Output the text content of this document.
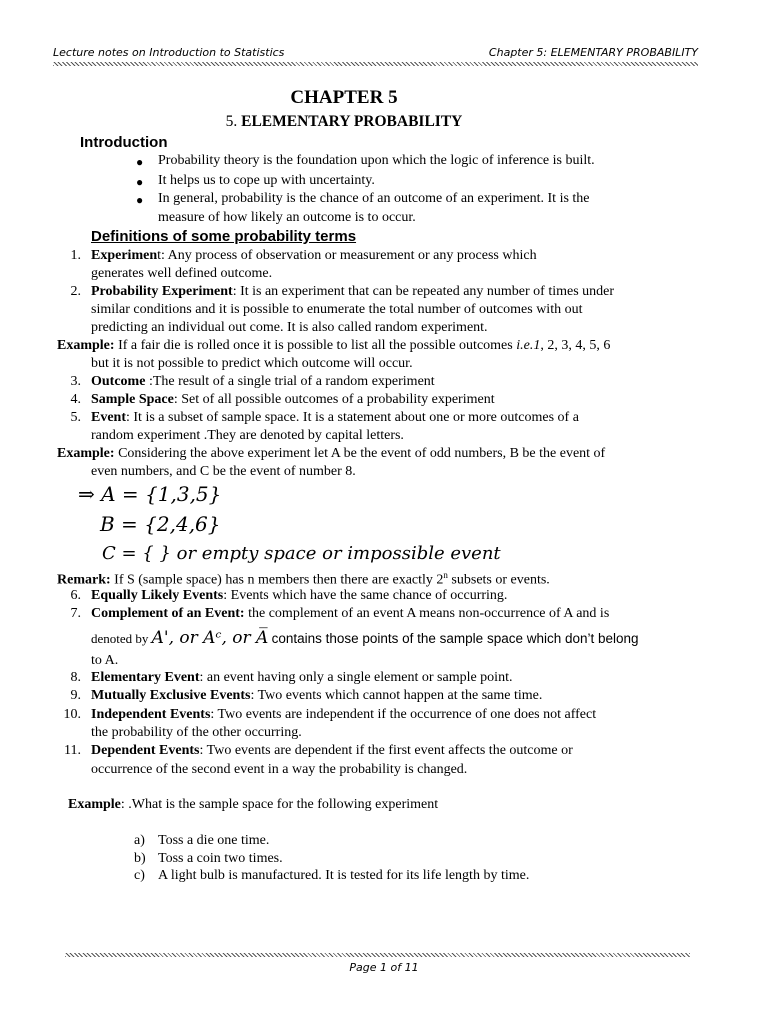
Lecture notes on Introduction to Statistics	Chapter 5: ELEMENTARY PROBABILITY
CHAPTER 5
5. ELEMENTARY PROBABILITY
Introduction
● Probability theory is the foundation upon which the logic of inference is built.
● It helps us to cope up with uncertainty.
● In general, probability is the chance of an outcome of an experiment. It is the
measure of how likely an outcome is to occur.
Definitions of some probability terms
1. Experiment: Any process of observation or measurement or any process which
generates well defined outcome.
2. Probability Experiment: It is an experiment that can be repeated any number of times under
similar conditions and it is possible to enumerate the total number of outcomes with out
predicting an individual out come. It is also called random experiment.
Example: If a fair die is rolled once it is possible to list all the possible outcomes i.e.1, 2, 3, 4, 5, 6
but it is not possible to predict which outcome will occur.
3. Outcome :The result of a single trial of a random experiment
4. Sample Space: Set of all possible outcomes of a probability experiment
5. Event: It is a subset of sample space. It is a statement about one or more outcomes of a
random experiment .They are denoted by capital letters.
Example: Considering the above experiment let A be the event of odd numbers, B be the event of
even numbers, and C be the event of number 8.
⇒ A = {1,3,5}
B = {2,4,6}
C = { } or empty space or impossible event
Remark: If S (sample space) has n members then there are exactly 2$^n$ subsets or events.
6. Equally Likely Events: Events which have the same chance of occurring.
7. Complement of an Event: the complement of an event A means non-occurrence of A and is
denoted by A', or Aᶜ, or A̅ contains those points of the sample space which don’t belong
to A.
8. Elementary Event: an event having only a single element or sample point.
9. Mutually Exclusive Events: Two events which cannot happen at the same time.
10. Independent Events: Two events are independent if the occurrence of one does not affect
the probability of the other occurring.
11. Dependent Events: Two events are dependent if the first event affects the outcome or
occurrence of the second event in a way the probability is changed.
Example: .What is the sample space for the following experiment
a) Toss a die one time.
b) Toss a coin two times.
c) A light bulb is manufactured. It is tested for its life length by time.
Page 1 of 11
